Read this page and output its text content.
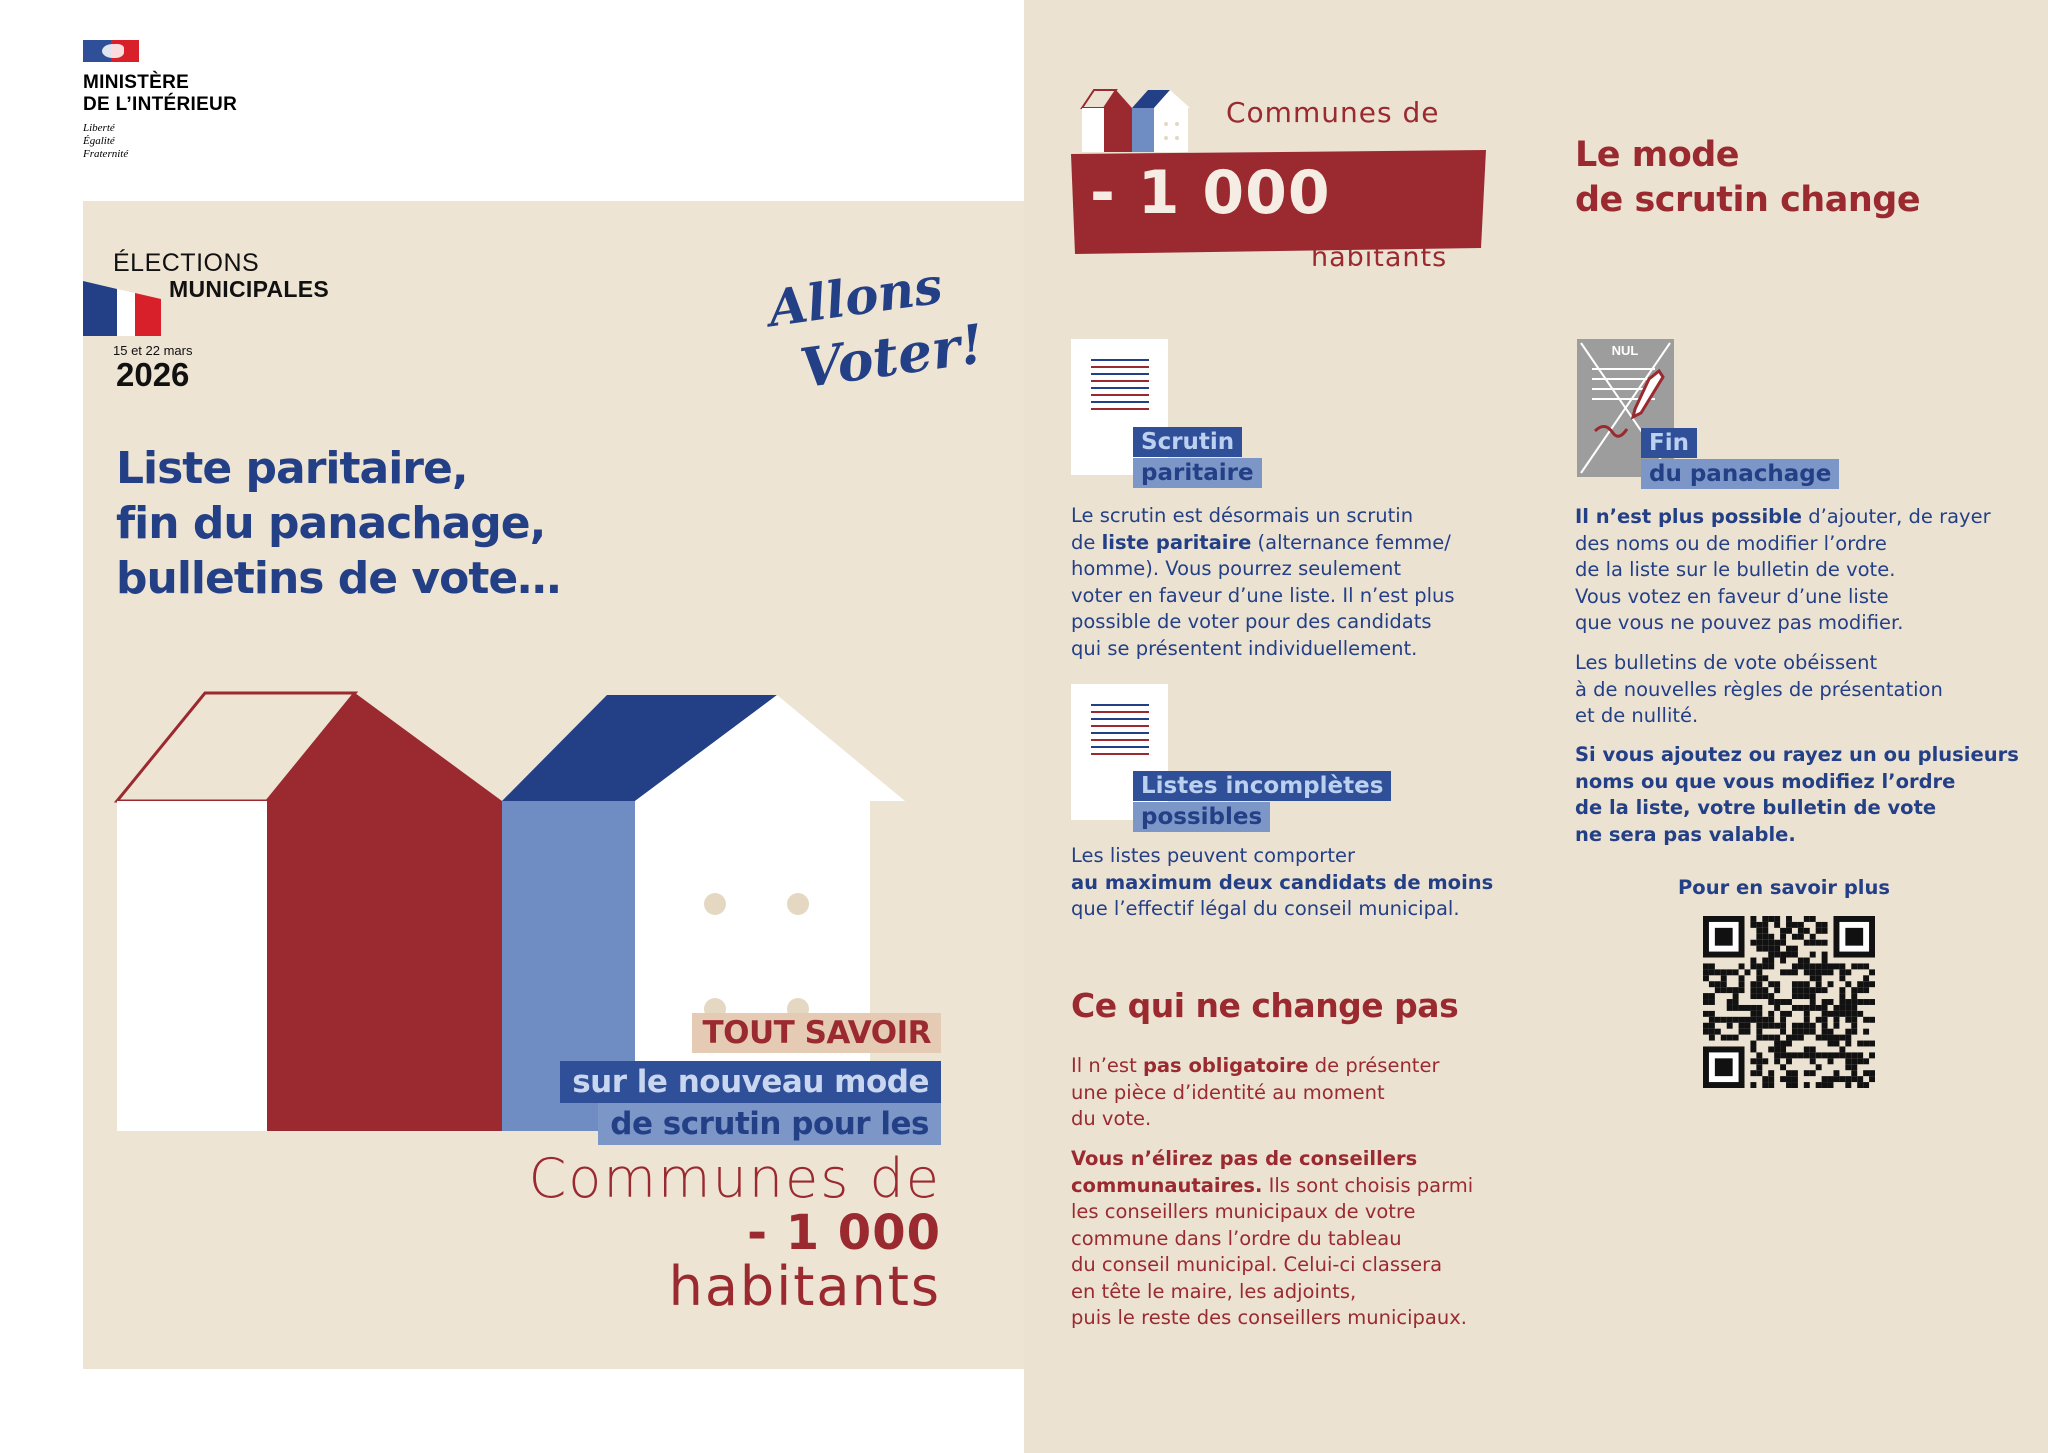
MINISTÈRE
DE L’INTÉRIEUR
Liberté
Égalité
Fraternité
ÉLECTIONS
MUNICIPALES
15 et 22 mars
2026
Allons
Voter!
Liste paritaire,
fin du panachage,
bulletins de vote…
TOUT SAVOIR
sur le nouveau mode
de scrutin pour les
Communes de
- 1 000
habitants
Communes de
- 1 000
habitants
Le mode
de scrutin change
Scrutin
paritaire
Le scrutin est désormais un scrutin
de liste paritaire (alternance femme/
homme). Vous pourrez seulement
voter en faveur d’une liste. Il n’est plus
possible de voter pour des candidats
qui se présentent individuellement.
Listes incomplètes
possibles
Les listes peuvent comporter
au maximum deux candidats de moins
que l’effectif légal du conseil municipal.
Ce qui ne change pas
Il n’est pas obligatoire de présenter
une pièce d’identité au moment
du vote.
Vous n’élirez pas de conseillers
communautaires. Ils sont choisis parmi
les conseillers municipaux de votre
commune dans l’ordre du tableau
du conseil municipal. Celui-ci classera
en tête le maire, les adjoints,
puis le reste des conseillers municipaux.
NUL
Fin
du panachage
Il n’est plus possible d’ajouter, de rayer
des noms ou de modifier l’ordre
de la liste sur le bulletin de vote.
Vous votez en faveur d’une liste
que vous ne pouvez pas modifier.
Les bulletins de vote obéissent
à de nouvelles règles de présentation
et de nullité.
Si vous ajoutez ou rayez un ou plusieurs
noms ou que vous modifiez l’ordre
de la liste, votre bulletin de vote
ne sera pas valable.
Pour en savoir plus
